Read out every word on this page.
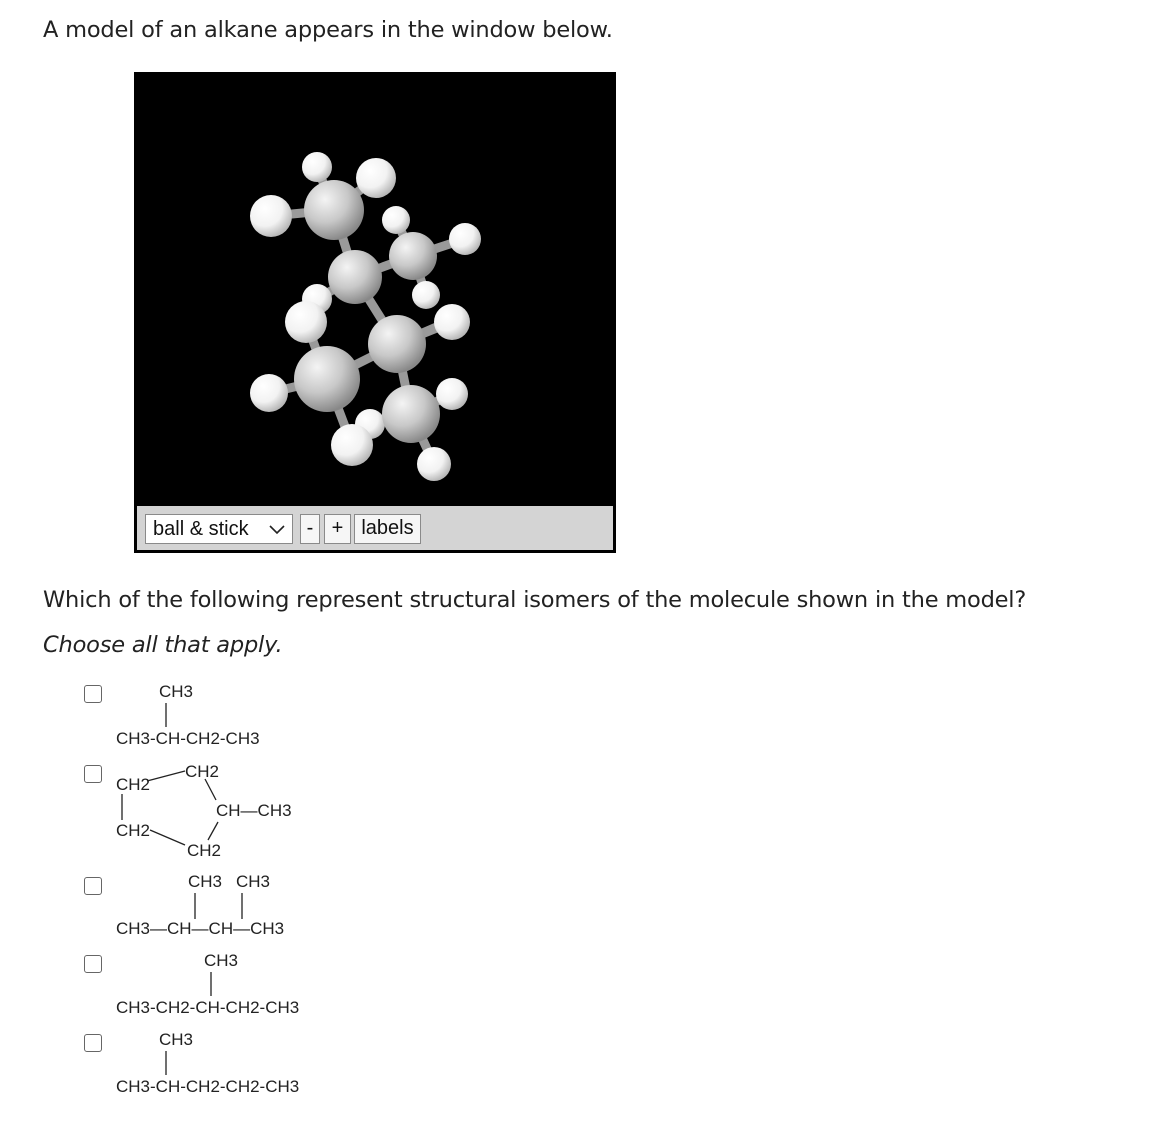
A model of an alkane appears in the window below.
ball & stick	- + labels
Which of the following represent structural isomers of the molecule shown in the model?
Choose all that apply.
CH3
CH3-CH-CH2-CH3
CH2
CH2
CH—CH3
CH2
CH2
CH3 CH3
CH3—CH—CH—CH3
CH3
CH3-CH2-CH-CH2-CH3
CH3
CH3-CH-CH2-CH2-CH3
